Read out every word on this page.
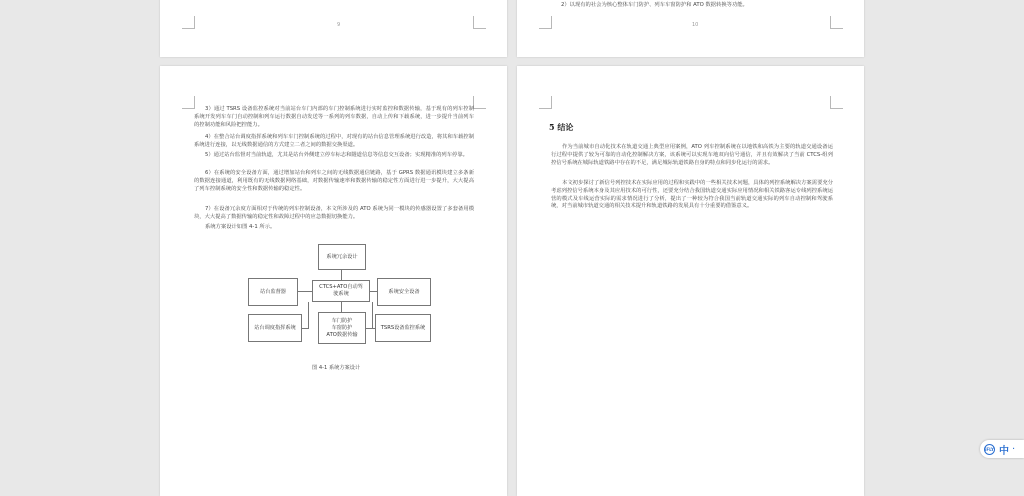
9

2）以现有的社会为核心整体车门防护、列车车窗防护和 ATO 数据转换等功能。

10

3）通过 TSRS 设备监控系统对当前站台车门内部的车门控制系统进行实时监控和数据传输，基于现有的列车控制系统开发列车车门自动控制和列车运行数据自动发送等一系列的列车数据，自动上传和下载系统，进一步提升当前列车的控制功能和风险把控能力。

4）在整合站台调度指挥系统和列车车门控制系统的过程中，对现有的站台信息管理系统进行改造，将其和车载控制系统进行连接，以无线数据通信的方式建立二者之间的数据交换渠道。

5）通过站台监督对当前轨道，尤其是站台外侧建立停车标志和隧道信息等信息交互设备；实现精准的列车停靠。

6）在系统的安全设备方面，通过增加站台和列车之间的无线数据通信链路，基于 GPRS 数据通讯模块建立多条新的数据连接通道，利用既有的无线数据网络基础，对数据传输速率和数据传输的稳定性方面进行进一步提升，大大提高了列车控制系统的安全性和数据传输的稳定性。

7）在设备冗余度方面相对于传统的列车控制设备，本文所涉及的 ATO 系统为同一模块的传感器设置了多套备用模块，大大提高了数据传输的稳定性和故障过程中的应急数据切换能力。

系统方案设计如图 4-1 所示。

系统冗余设计
站台监督器
CTCS+ATO自动驾驶系统	系统安全设备
站台调度指挥系统
车门防护
车窗防护
ATO数据传输
TSRS设备监控系统
图 4-1 系统方案设计
5 结论

作为当前城市自动化技术在轨道交通上典型应用案例，ATO 列车控制系统在以地铁和高铁为主要的轨道交通设备运行过程中提供了较为可靠的自动化控制解决方案，该系统可以实现车地双向信号通信，并且有效解决了当前 CTCS-组列控信号系统在城际轨道铁路中存在的不足，满足城际轨道铁路自身的特点和同步化运行的需求。

本文初步探讨了新信号列控技术在实际应用的过程和实践中的一些相关技术问题，具体的列控系统解决方案需要充分考虑列控信号系统本身及其应用技术的可行性，还要充分结合我国轨道交通实际应用情况和相关铁路客运专线列控系统运营的模式及车线运营实际的需求情况进行了分析，提出了一种较为符合我国当前轨道交通实际的列车自动控制和驾驶系统，对当前城市轨道交通的相关技术提升和轨道铁路的发展具有十分重要的借鉴意义。

iFLY 中 ·
